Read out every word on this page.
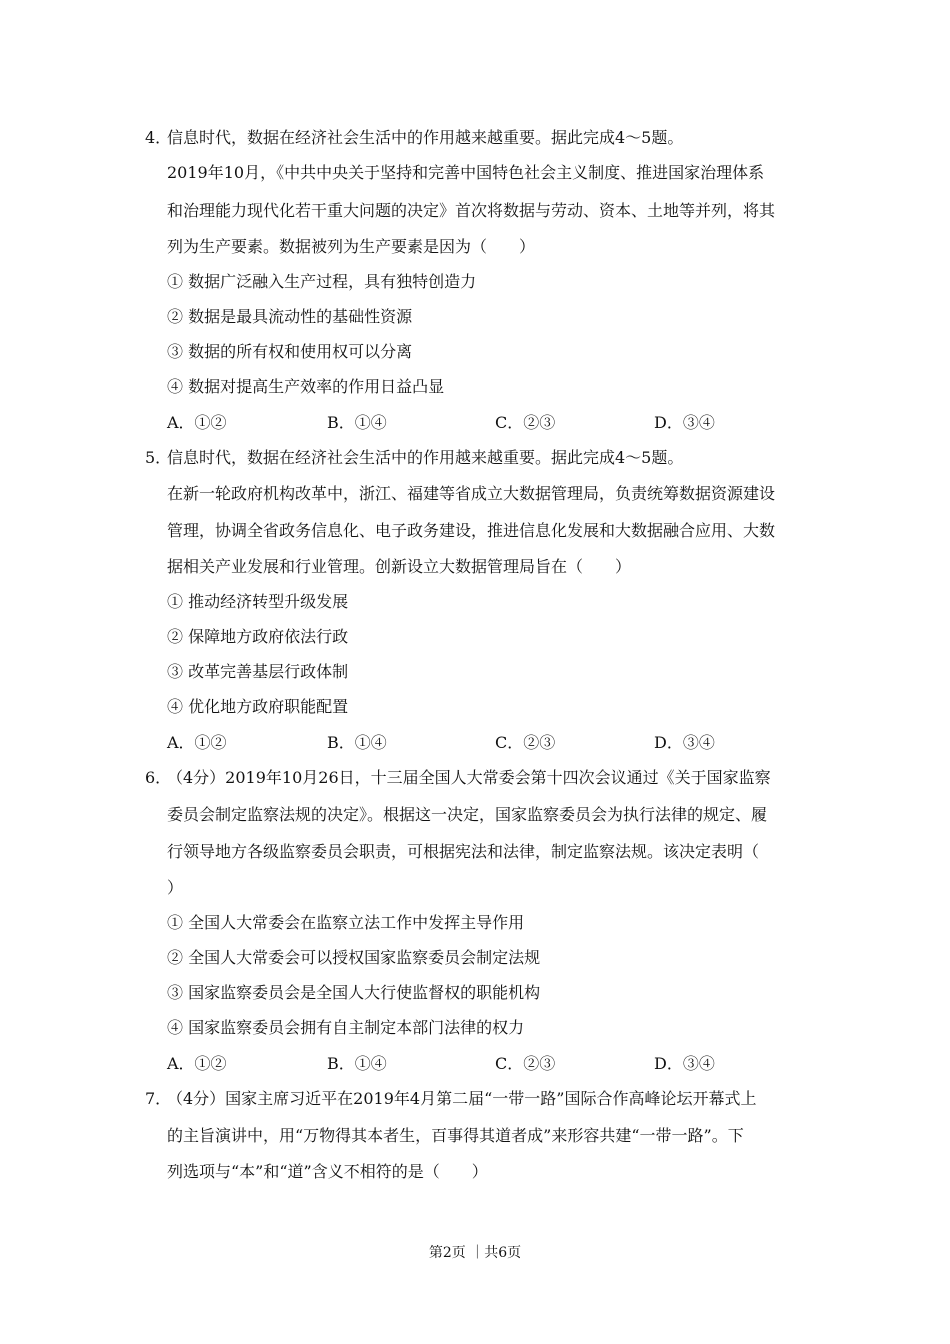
4．信息时代，数据在经济社会生活中的作用越来越重要。据此完成4～5题。
2019年10月，《中共中央关于坚持和完善中国特色社会主义制度、推进国家治理体系
和治理能力现代化若干重大问题的决定》首次将数据与劳动、资本、土地等并列，将其
列为生产要素。数据被列为生产要素是因为（　　）
① 数据广泛融入生产过程，具有独特创造力
② 数据是最具流动性的基础性资源
③ 数据的所有权和使用权可以分离
④ 数据对提高生产效率的作用日益凸显
A．①②	B．①④	C．②③	D．③④
5．信息时代，数据在经济社会生活中的作用越来越重要。据此完成4～5题。
在新一轮政府机构改革中，浙江、福建等省成立大数据管理局，负责统筹数据资源建设
管理，协调全省政务信息化、电子政务建设，推进信息化发展和大数据融合应用、大数
据相关产业发展和行业管理。创新设立大数据管理局旨在（　　）
① 推动经济转型升级发展
② 保障地方政府依法行政
③ 改革完善基层行政体制
④ 优化地方政府职能配置
A．①②	B．①④	C．②③	D．③④
6．（4分）2019年10月26日，十三届全国人大常委会第十四次会议通过《关于国家监察
委员会制定监察法规的决定》。根据这一决定，国家监察委员会为执行法律的规定、履
行领导地方各级监察委员会职责，可根据宪法和法律，制定监察法规。该决定表明（
）
① 全国人大常委会在监察立法工作中发挥主导作用
② 全国人大常委会可以授权国家监察委员会制定法规
③ 国家监察委员会是全国人大行使监督权的职能机构
④ 国家监察委员会拥有自主制定本部门法律的权力
A．①②	B．①④	C．②③	D．③④
7．（4分）国家主席习近平在2019年4月第二届“一带一路”国际合作高峰论坛开幕式上
的主旨演讲中，用“万物得其本者生，百事得其道者成”来形容共建“一带一路”。下
列选项与“本”和“道”含义不相符的是（　　）
第2页 ｜共6页
